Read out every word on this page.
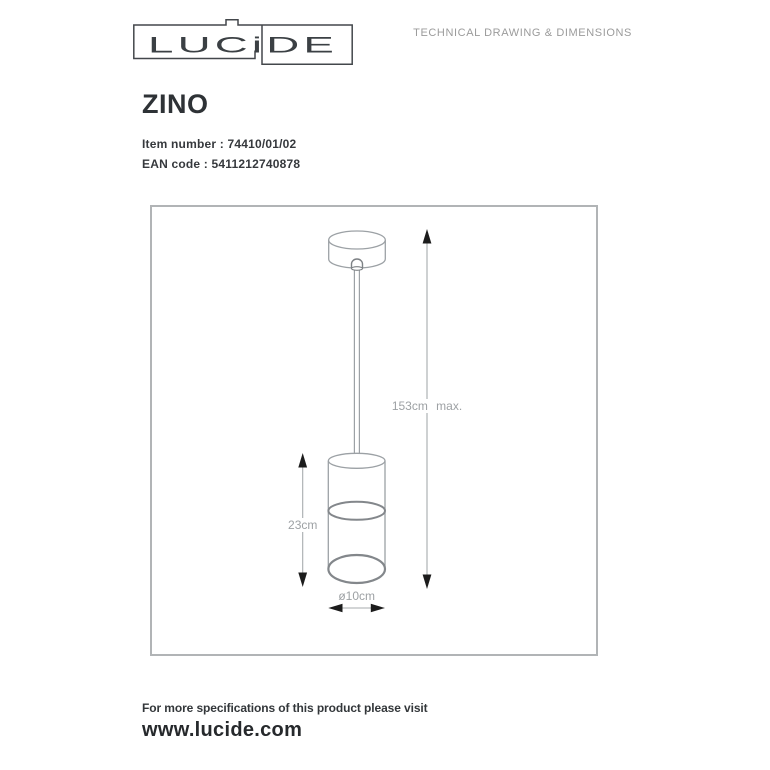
LUCiDE	TECHNICAL DRAWING & DIMENSIONS
ZINO
Item number : 74410/01/02
EAN code : 5411212740878
153cm max.
23cm
ø10cm
For more specifications of this product please visit
www.lucide.com
